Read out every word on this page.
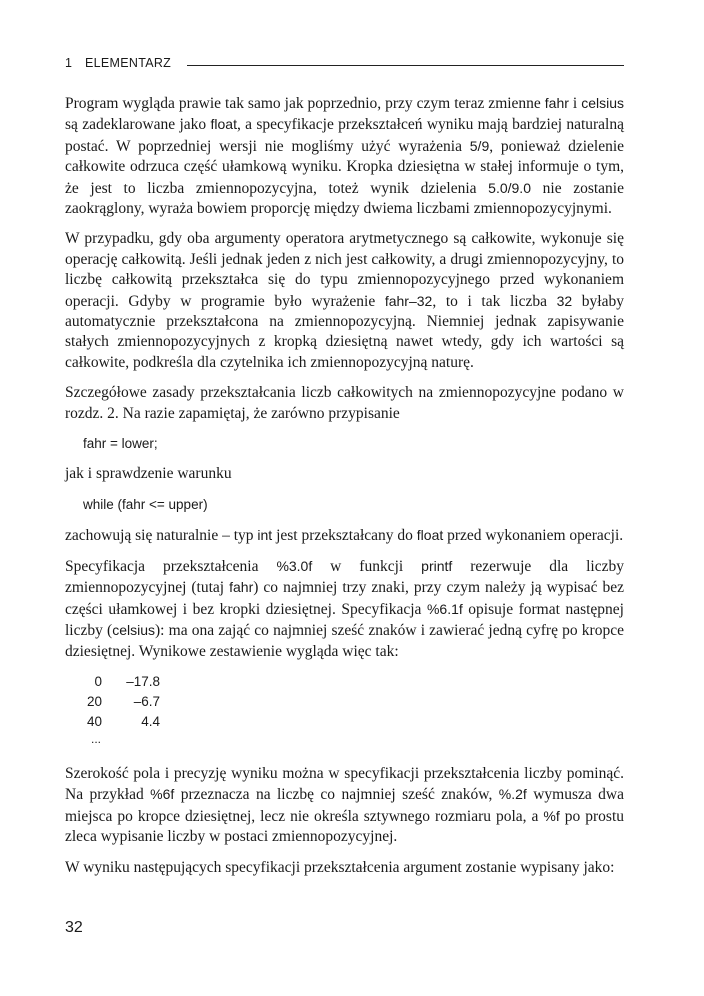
1 ELEMENTARZ

Program wygląda prawie tak samo jak poprzednio, przy czym teraz zmienne fahr i celsius są zadeklarowane jako float, a specyfikacje przekształceń wyniku mają bardziej naturalną postać. W poprzedniej wersji nie mogliśmy użyć wyrażenia 5/9, ponieważ dzielenie całkowite odrzuca część ułamkową wyniku. Kropka dziesiętna w stałej informuje o tym, że jest to liczba zmiennopozycyjna, toteż wynik dzielenia 5.0/9.0 nie zostanie zaokrąglony, wyraża bowiem proporcję między dwiema liczbami zmiennopozycyjnymi.

W przypadku, gdy oba argumenty operatora arytmetycznego są całkowite, wykonuje się operację całkowitą. Jeśli jednak jeden z nich jest całkowity, a drugi zmiennopozycyjny, to liczbę całkowitą przekształca się do typu zmiennopozycyjnego przed wykonaniem operacji. Gdyby w programie było wyrażenie fahr–32, to i tak liczba 32 byłaby automatycznie przekształcona na zmiennopozycyjną. Niemniej jednak zapisywanie stałych zmiennopozycyjnych z kropką dziesiętną nawet wtedy, gdy ich wartości są całkowite, podkreśla dla czytelnika ich zmiennopozycyjną naturę.

Szczegółowe zasady przekształcania liczb całkowitych na zmiennopozycyjne podano w rozdz. 2. Na razie zapamiętaj, że zarówno przypisanie

fahr = lower;

jak i sprawdzenie warunku

while (fahr <= upper)

zachowują się naturalnie – typ int jest przekształcany do float przed wykonaniem operacji.

Specyfikacja przekształcenia %3.0f w funkcji printf rezerwuje dla liczby zmiennopozycyjnej (tutaj fahr) co najmniej trzy znaki, przy czym należy ją wypisać bez części ułamkowej i bez kropki dziesiętnej. Specyfikacja %6.1f opisuje format następnej liczby (celsius): ma ona zająć co najmniej sześć znaków i zawierać jedną cyfrę po kropce dziesiętnej. Wynikowe zestawienie wygląda więc tak:

0	–17.8
20	–6.7
40	4.4
...

Szerokość pola i precyzję wyniku można w specyfikacji przekształcenia liczby pominąć. Na przykład %6f przeznacza na liczbę co najmniej sześć znaków, %.2f wymusza dwa miejsca po kropce dziesiętnej, lecz nie określa sztywnego rozmiaru pola, a %f po prostu zleca wypisanie liczby w postaci zmiennopozycyjnej.

W wyniku następujących specyfikacji przekształcenia argument zostanie wypisany jako:

32
